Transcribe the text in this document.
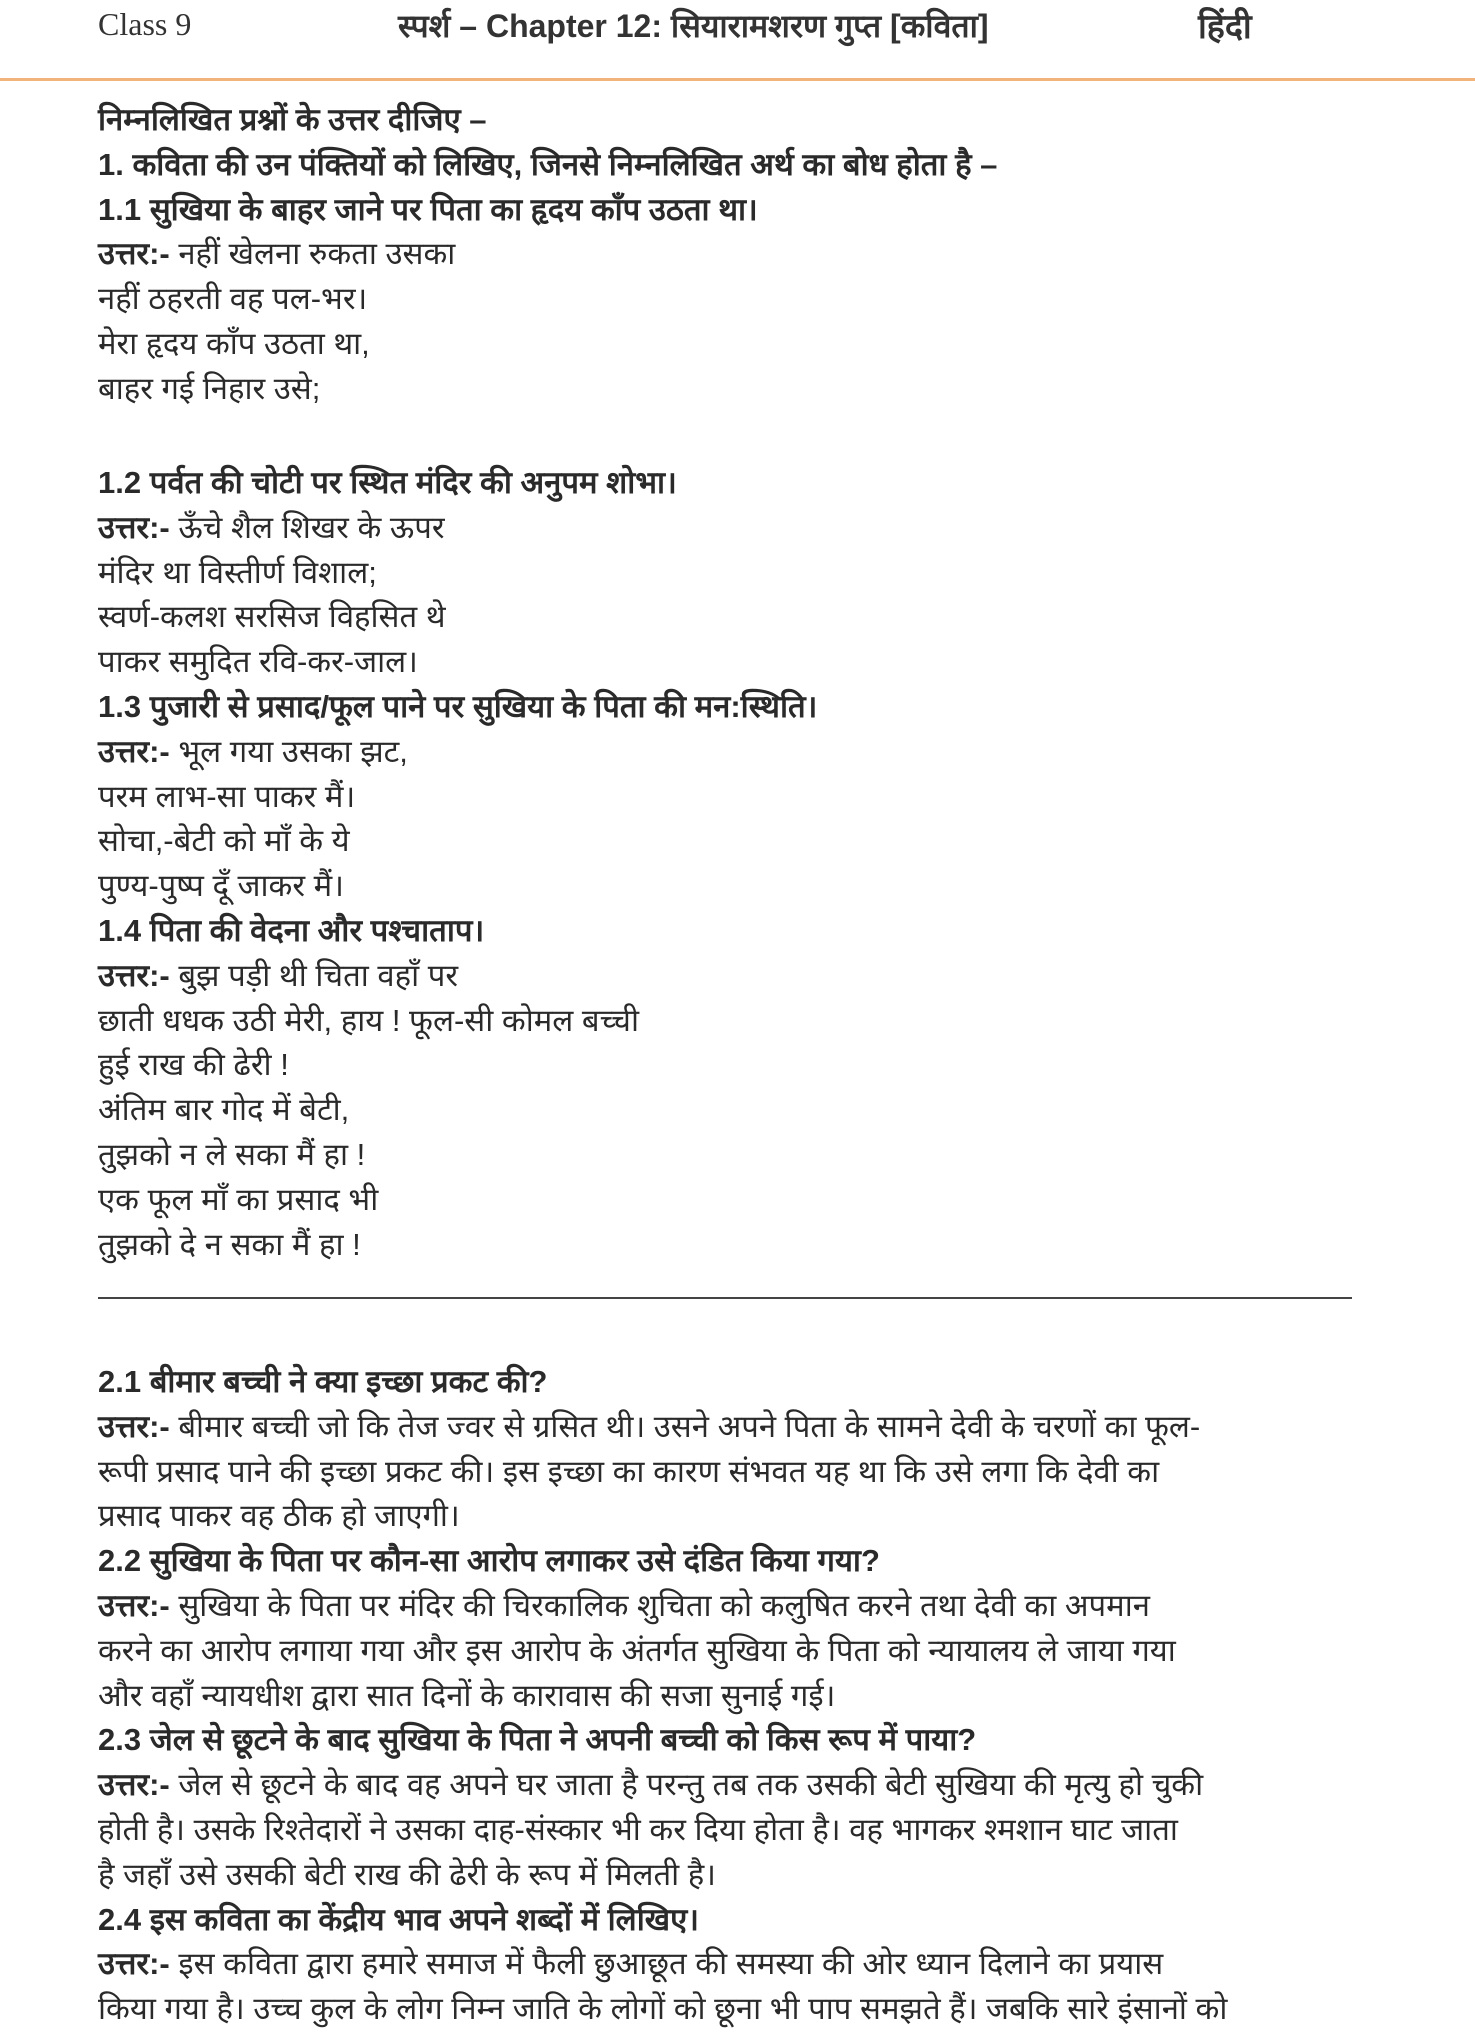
Class 9	स्पर्श – Chapter 12: सियारामशरण गुप्त [कविता]	हिंदी
निम्नलिखित प्रश्नों के उत्तर दीजिए –
1. कविता की उन पंक्तियों को लिखिए, जिनसे निम्नलिखित अर्थ का बोध होता है –
1.1 सुखिया के बाहर जाने पर पिता का हृदय काँप उठता था।
उत्तर:- नहीं खेलना रुकता उसका
नहीं ठहरती वह पल-भर।
मेरा हृदय काँप उठता था,
बाहर गई निहार उसे;
1.2 पर्वत की चोटी पर स्थित मंदिर की अनुपम शोभा।
उत्तर:- ऊँचे शैल शिखर के ऊपर
मंदिर था विस्तीर्ण विशाल;
स्वर्ण-कलश सरसिज विहसित थे
पाकर समुदित रवि-कर-जाल।
1.3 पुजारी से प्रसाद/फूल पाने पर सुखिया के पिता की मन:स्थिति।
उत्तर:- भूल गया उसका झट,
परम लाभ-सा पाकर मैं।
सोचा,-बेटी को माँ के ये
पुण्य-पुष्प दूँ जाकर मैं।
1.4 पिता की वेदना और पश्चाताप।
उत्तर:- बुझ पड़ी थी चिता वहाँ पर
छाती धधक उठी मेरी, हाय ! फूल-सी कोमल बच्ची
हुई राख की ढेरी !
अंतिम बार गोद में बेटी,
तुझको न ले सका मैं हा !
एक फूल माँ का प्रसाद भी
तुझको दे न सका मैं हा !
2.1 बीमार बच्ची ने क्या इच्छा प्रकट की?
उत्तर:- बीमार बच्ची जो कि तेज ज्वर से ग्रसित थी। उसने अपने पिता के सामने देवी के चरणों का फूल-
रूपी प्रसाद पाने की इच्छा प्रकट की। इस इच्छा का कारण संभवत यह था कि उसे लगा कि देवी का
प्रसाद पाकर वह ठीक हो जाएगी।
2.2 सुखिया के पिता पर कौन-सा आरोप लगाकर उसे दंडित किया गया?
उत्तर:- सुखिया के पिता पर मंदिर की चिरकालिक शुचिता को कलुषित करने तथा देवी का अपमान
करने का आरोप लगाया गया और इस आरोप के अंतर्गत सुखिया के पिता को न्यायालय ले जाया गया
और वहाँ न्यायधीश द्वारा सात दिनों के कारावास की सजा सुनाई गई।
2.3 जेल से छूटने के बाद सुखिया के पिता ने अपनी बच्ची को किस रूप में पाया?
उत्तर:- जेल से छूटने के बाद वह अपने घर जाता है परन्तु तब तक उसकी बेटी सुखिया की मृत्यु हो चुकी
होती है। उसके रिश्तेदारों ने उसका दाह-संस्कार भी कर दिया होता है। वह भागकर श्मशान घाट जाता
है जहाँ उसे उसकी बेटी राख की ढेरी के रूप में मिलती है।
2.4 इस कविता का केंद्रीय भाव अपने शब्दों में लिखिए।
उत्तर:- इस कविता द्वारा हमारे समाज में फैली छुआछूत की समस्या की ओर ध्यान दिलाने का प्रयास
किया गया है। उच्च कुल के लोग निम्न जाति के लोगों को छूना भी पाप समझते हैं। जबकि सारे इंसानों को
